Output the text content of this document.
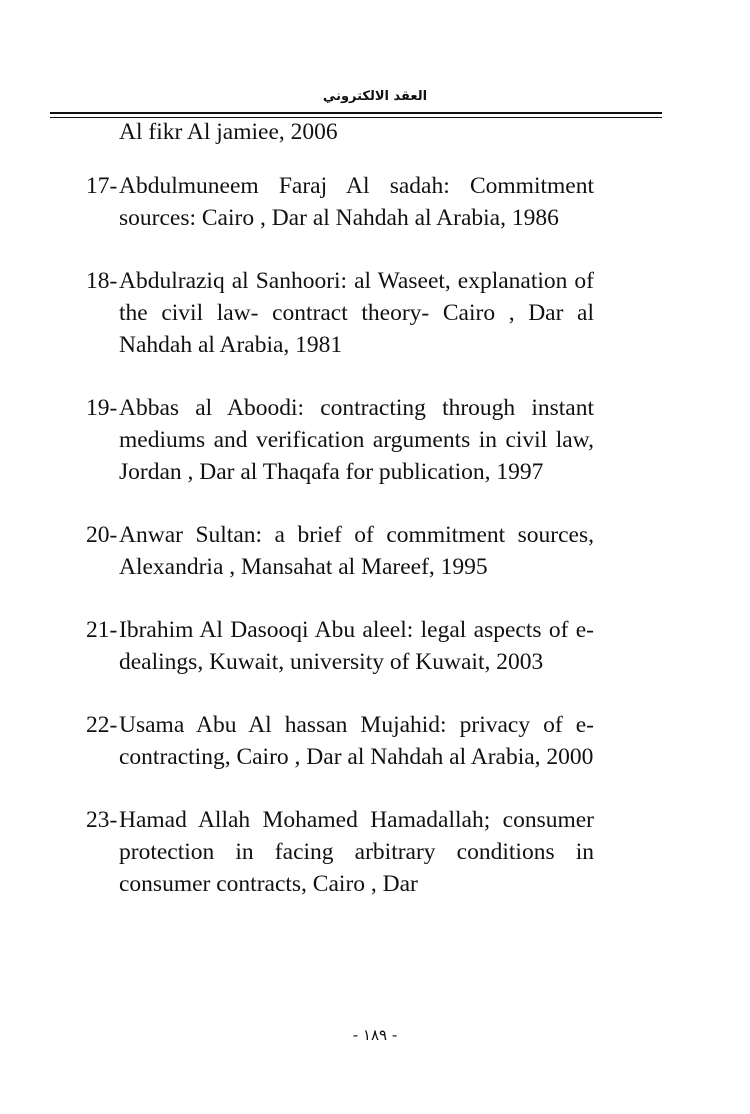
العقد الالكتروني
Al fikr Al jamiee, 2006
17- Abdulmuneem Faraj Al sadah: Commitment sources: Cairo , Dar al Nahdah al Arabia, 1986
18- Abdulraziq al Sanhoori: al Waseet, explanation of the civil law- contract theory- Cairo , Dar al Nahdah al Arabia, 1981
19- Abbas al Aboodi: contracting through instant mediums and verification arguments in civil law, Jordan , Dar al Thaqafa for publication, 1997
20- Anwar Sultan: a brief of commitment sources, Alexandria , Mansahat al Mareef, 1995
21- Ibrahim Al Dasooqi Abu aleel: legal aspects of e- dealings, Kuwait, university of Kuwait, 2003
22- Usama Abu Al hassan Mujahid: privacy of e-contracting, Cairo , Dar al Nahdah al Arabia, 2000
23- Hamad Allah Mohamed Hamadallah; consumer protection in facing arbitrary conditions in consumer contracts, Cairo , Dar
- ١٨٩ -
